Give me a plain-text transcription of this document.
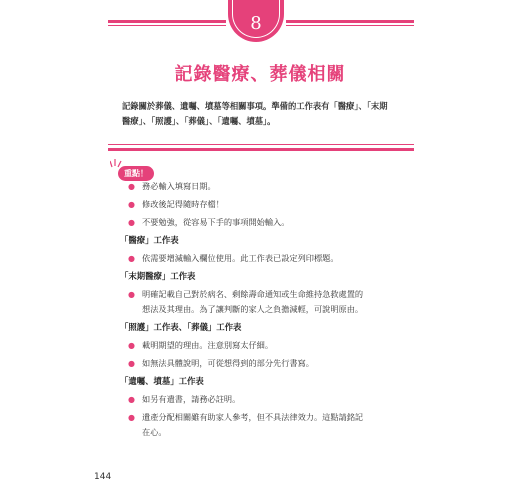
8
記錄醫療、葬儀相關
記錄關於葬儀、遺囑、墳墓等相關事項。準備的工作表有「醫療」、「末期
醫療」、「照護」、「葬儀」、「遺囑、墳墓」。
重點！
● 務必輸入填寫日期。
● 修改後記得隨時存檔！
● 不要勉強，從容易下手的事項開始輸入。
「醫療」工作表
● 依需要增減輸入欄位使用。此工作表已設定列印標題。
「末期醫療」工作表
● 明確記載自己對於病名、剩餘壽命通知或生命維持急救處置的
想法及其理由。為了讓判斷的家人之負擔減輕，可說明原由。
「照護」工作表、「葬儀」工作表
● 載明期望的理由。注意別寫太仔細。
● 如無法具體說明，可從想得到的部分先行書寫。
「遺囑、墳墓」工作表
● 如另有遺書，請務必註明。
● 遺產分配相關雖有助家人參考，但不具法律效力。這點請銘記
在心。
144
